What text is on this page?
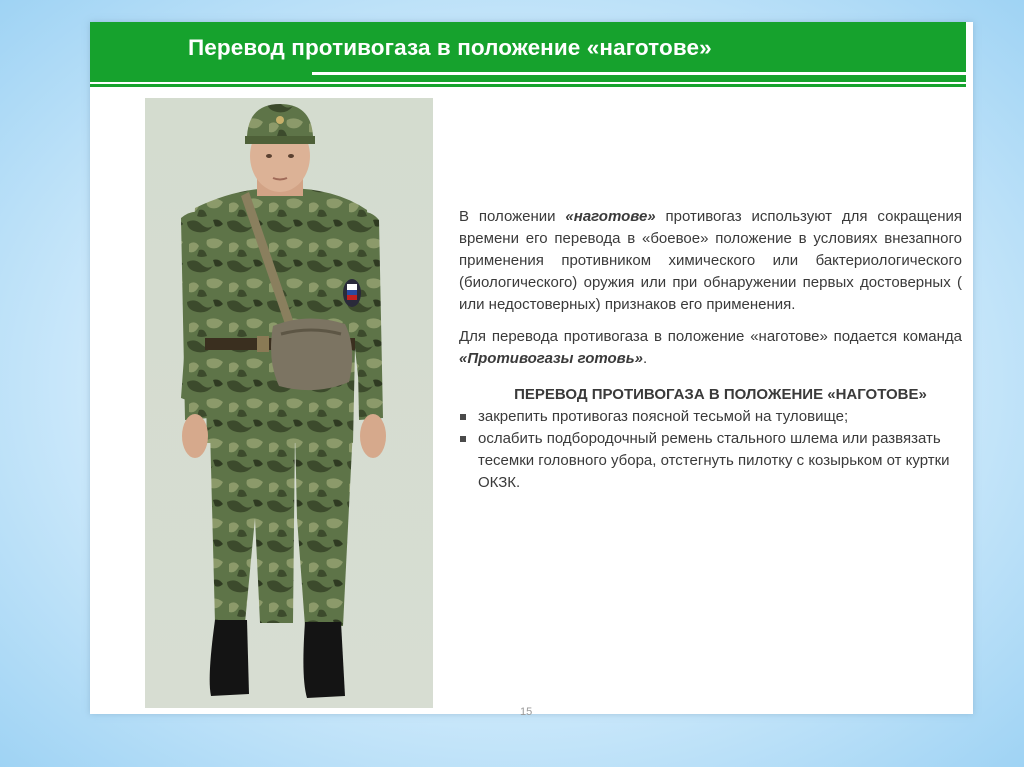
Перевод противогаза в положение «наготове»
15

В положении «наготове» противогаз используют для сокращения времени его перевода в «боевое» положение в условиях внезапного применения противником химического или бактериологического (биологического) оружия или при обнаружении первых достоверных ( или недостоверных) признаков его применения.

Для перевода противогаза в положение «наготове» подается команда «Противогазы готовь».

ПЕРЕВОД ПРОТИВОГАЗА В ПОЛОЖЕНИЕ «НАГОТОВЕ»
закрепить противогаз поясной тесьмой на туловище;
ослабить подбородочный ремень стального шлема или развязать тесемки головного убора, отстегнуть пилотку с козырьком от куртки ОКЗК.
